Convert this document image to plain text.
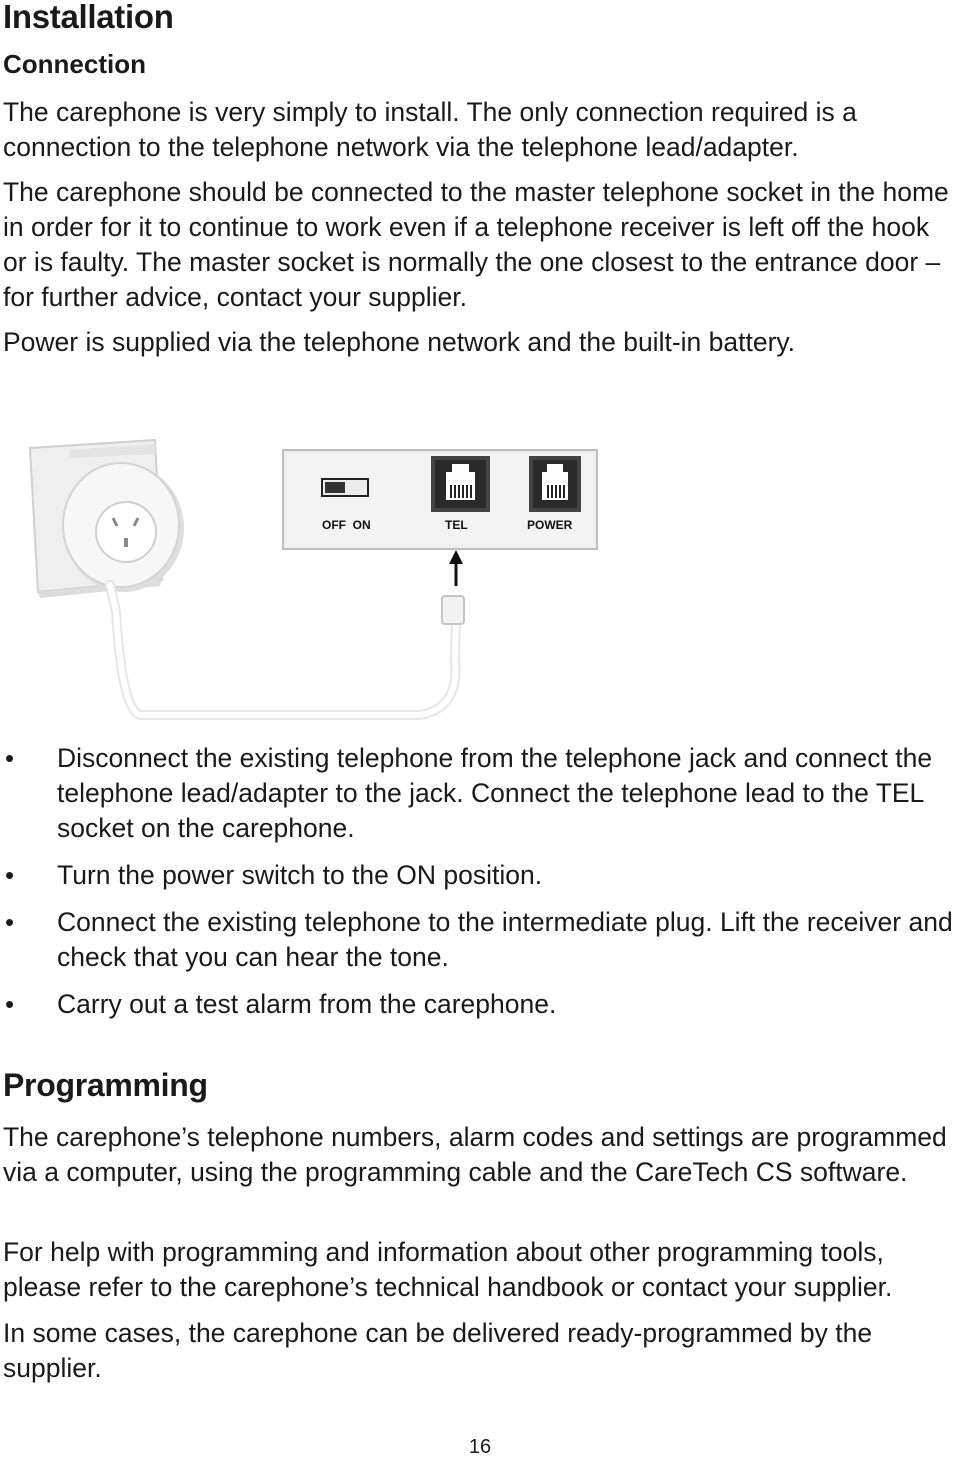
Installation
Connection

The carephone is very simply to install. The only connection required is a connection to the telephone network via the telephone lead/adapter.

The carephone should be connected to the master telephone socket in the home in order for it to continue to work even if a telephone receiver is left off the hook or is faulty. The master socket is normally the one closest to the entrance door – for further advice, contact your supplier.

Power is supplied via the telephone network and the built-in battery.

OFF  ON	TEL	POWER
• Disconnect the existing telephone from the telephone jack and connect the telephone lead/adapter to the jack. Connect the telephone lead to the TEL socket on the carephone.
• Turn the power switch to the ON position.
• Connect the existing telephone to the intermediate plug. Lift the receiver and check that you can hear the tone.
• Carry out a test alarm from the carephone.
Programming

The carephone’s telephone numbers, alarm codes and settings are programmed via a computer, using the programming cable and the CareTech CS software.

For help with programming and information about other programming tools, please refer to the carephone’s technical handbook or contact your supplier.

In some cases, the carephone can be delivered ready-programmed by the supplier.

16
